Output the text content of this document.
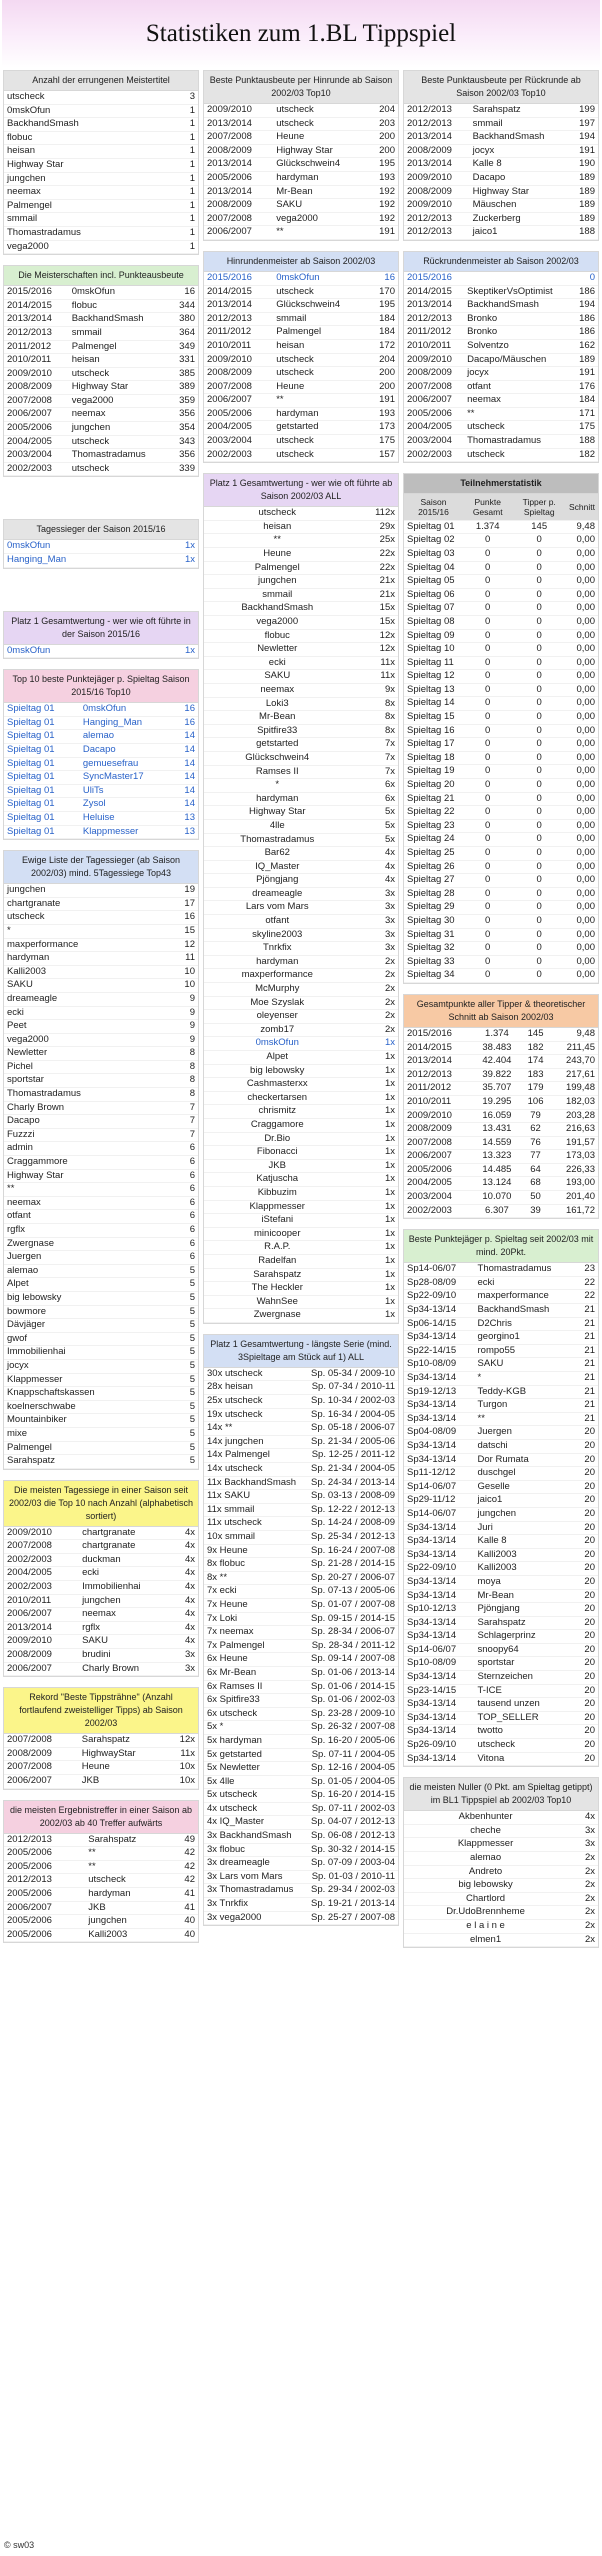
Statistiken zum 1.BL Tippspiel
Anzahl der errungenen Meistertitel
utscheck	3
0mskOfun	1
BackhandSmash	1
flobuc	1
heisan	1
Highway Star	1
jungchen	1
neemax	1
Palmengel	1
smmail	1
Thomastradamus	1
vega2000	1
Die Meisterschaften incl. Punkteausbeute
2015/2016	0mskOfun	16
2014/2015	flobuc	344
2013/2014	BackhandSmash	380
2012/2013	smmail	364
2011/2012	Palmengel	349
2010/2011	heisan	331
2009/2010	utscheck	385
2008/2009	Highway Star	389
2007/2008	vega2000	359
2006/2007	neemax	356
2005/2006	jungchen	354
2004/2005	utscheck	343
2003/2004	Thomastradamus	356
2002/2003	utscheck	339
Tagessieger der Saison 2015/16
0mskOfun	1x
Hanging_Man	1x
Platz 1 Gesamtwertung - wer wie oft führte in der Saison 2015/16
0mskOfun	1x
Top 10 beste Punktejäger p. Spieltag Saison 2015/16 Top10
Spieltag 01	0mskOfun	16
Spieltag 01	Hanging_Man	16
Spieltag 01	alemao	14
Spieltag 01	Dacapo	14
Spieltag 01	gemuesefrau	14
Spieltag 01	SyncMaster17	14
Spieltag 01	UliTs	14
Spieltag 01	Zysol	14
Spieltag 01	Heluise	13
Spieltag 01	Klappmesser	13
Ewige Liste der Tagessieger (ab Saison 2002/03) mind. 5Tagessiege Top43
jungchen	19
chartgranate	17
utscheck	16
*	15
maxperformance	12
hardyman	11
Kalli2003	10
SAKU	10
dreameagle	9
ecki	9
Peet	9
vega2000	9
Newletter	8
Pichel	8
sportstar	8
Thomastradamus	8
Charly Brown	7
Dacapo	7
Fuzzzi	7
admin	6
Craggammore	6
Highway Star	6
**	6
neemax	6
otfant	6
rgflx	6
Zwergnase	6
Juergen	6
alemao	5
Alpet	5
big lebowsky	5
bowmore	5
Dävjäger	5
gwof	5
Immobilienhai	5
jocyx	5
Klappmesser	5
Knappschaftskassen	5
koelnerschwabe	5
Mountainbiker	5
mixe	5
Palmengel	5
Sarahspatz	5
Die meisten Tagessiege in einer Saison seit 2002/03 die Top 10 nach Anzahl (alphabetisch sortiert)
2009/2010	chartgranate	4x
2007/2008	chartgranate	4x
2002/2003	duckman	4x
2004/2005	ecki	4x
2002/2003	Immobilienhai	4x
2010/2011	jungchen	4x
2006/2007	neemax	4x
2013/2014	rgflx	4x
2009/2010	SAKU	4x
2008/2009	brudini	3x
2006/2007	Charly Brown	3x
Rekord "Beste Tippsträhne" (Anzahl fortlaufend zweistelliger Tipps) ab Saison 2002/03
2007/2008	Sarahspatz	12x
2008/2009	HighwayStar	11x
2007/2008	Heune	10x
2006/2007	JKB	10x
die meisten Ergebnistreffer in einer Saison ab 2002/03 ab 40 Treffer aufwärts
2012/2013	Sarahspatz	49
2005/2006	**	42
2005/2006	**	42
2012/2013	utscheck	42
2005/2006	hardyman	41
2006/2007	JKB	41
2005/2006	jungchen	40
2005/2006	Kalli2003	40
Beste Punktausbeute per Hinrunde ab Saison 2002/03 Top10
2009/2010	utscheck	204
2013/2014	utscheck	203
2007/2008	Heune	200
2008/2009	Highway Star	200
2013/2014	Glückschwein4	195
2005/2006	hardyman	193
2013/2014	Mr-Bean	192
2008/2009	SAKU	192
2007/2008	vega2000	192
2006/2007	**	191
Hinrundenmeister ab Saison 2002/03
2015/2016	0mskOfun	16
2014/2015	utscheck	170
2013/2014	Glückschwein4	195
2012/2013	smmail	184
2011/2012	Palmengel	184
2010/2011	heisan	172
2009/2010	utscheck	204
2008/2009	utscheck	200
2007/2008	Heune	200
2006/2007	**	191
2005/2006	hardyman	193
2004/2005	getstarted	173
2003/2004	utscheck	175
2002/2003	utscheck	157
Platz 1 Gesamtwertung - wer wie oft führte ab Saison 2002/03 ALL
utscheck	112x
heisan	29x
**	25x
Heune	22x
Palmengel	22x
jungchen	21x
smmail	21x
BackhandSmash	15x
vega2000	15x
flobuc	12x
Newletter	12x
ecki	11x
SAKU	11x
neemax	9x
Loki3	8x
Mr-Bean	8x
Spitfire33	8x
getstarted	7x
Glückschwein4	7x
Ramses II	7x
*	6x
hardyman	6x
Highway Star	5x
4lle	5x
Thomastradamus	5x
Bar62	4x
IQ_Master	4x
Pjöngjang	4x
dreameagle	3x
Lars vom Mars	3x
otfant	3x
skyline2003	3x
Tnrkfix	3x
hardyman	2x
maxperformance	2x
McMurphy	2x
Moe Szyslak	2x
oleyenser	2x
zomb17	2x
0mskOfun	1x
Alpet	1x
big lebowsky	1x
Cashmasterxx	1x
checkertarsen	1x
chrismitz	1x
Craggamore	1x
Dr.Bio	1x
Fibonacci	1x
JKB	1x
Katjuscha	1x
Kibbuzim	1x
Klappmesser	1x
iStefani	1x
minicooper	1x
R.A.P.	1x
Radelfan	1x
Sarahspatz	1x
The Heckler	1x
WahnSee	1x
Zwergnase	1x
Platz 1 Gesamtwertung - längste Serie (mind. 3Spieltage am Stück auf 1) ALL
30x utscheck	Sp. 05-34 / 2009-10
28x heisan	Sp. 07-34 / 2010-11
25x utscheck	Sp. 10-34 / 2002-03
19x utscheck	Sp. 16-34 / 2004-05
14x **	Sp. 05-18 / 2006-07
14x jungchen	Sp. 21-34 / 2005-06
14x Palmengel	Sp. 12-25 / 2011-12
14x utscheck	Sp. 21-34 / 2004-05
11x BackhandSmash	Sp. 24-34 / 2013-14
11x SAKU	Sp. 03-13 / 2008-09
11x smmail	Sp. 12-22 / 2012-13
11x utscheck	Sp. 14-24 / 2008-09
10x smmail	Sp. 25-34 / 2012-13
9x Heune	Sp. 16-24 / 2007-08
8x flobuc	Sp. 21-28 / 2014-15
8x **	Sp. 20-27 / 2006-07
7x ecki	Sp. 07-13 / 2005-06
7x Heune	Sp. 01-07 / 2007-08
7x Loki	Sp. 09-15 / 2014-15
7x neemax	Sp. 28-34 / 2006-07
7x Palmengel	Sp. 28-34 / 2011-12
6x Heune	Sp. 09-14 / 2007-08
6x Mr-Bean	Sp. 01-06 / 2013-14
6x Ramses II	Sp. 01-06 / 2014-15
6x Spitfire33	Sp. 01-06 / 2002-03
6x utscheck	Sp. 23-28 / 2009-10
5x *	Sp. 26-32 / 2007-08
5x hardyman	Sp. 16-20 / 2005-06
5x getstarted	Sp. 07-11 / 2004-05
5x Newletter	Sp. 12-16 / 2004-05
5x 4lle	Sp. 01-05 / 2004-05
5x utscheck	Sp. 16-20 / 2014-15
4x utscheck	Sp. 07-11 / 2002-03
4x IQ_Master	Sp. 04-07 / 2012-13
3x BackhandSmash	Sp. 06-08 / 2012-13
3x flobuc	Sp. 30-32 / 2014-15
3x dreameagle	Sp. 07-09 / 2003-04
3x Lars vom Mars	Sp. 01-03 / 2010-11
3x Thomastradamus	Sp. 29-34 / 2002-03
3x Tnrkfix	Sp. 19-21 / 2013-14
3x vega2000	Sp. 25-27 / 2007-08
Beste Punktausbeute per Rückrunde ab Saison 2002/03 Top10
2012/2013	Sarahspatz	199
2012/2013	smmail	197
2013/2014	BackhandSmash	194
2008/2009	jocyx	191
2013/2014	Kalle 8	190
2009/2010	Dacapo	189
2008/2009	Highway Star	189
2009/2010	Mäuschen	189
2012/2013	Zuckerberg	189
2012/2013	jaico1	188
Rückrundenmeister ab Saison 2002/03
2015/2016		0
2014/2015	SkeptikerVsOptimist	186
2013/2014	BackhandSmash	194
2012/2013	Bronko	186
2011/2012	Bronko	186
2010/2011	Solventzo	162
2009/2010	Dacapo/Mäuschen	189
2008/2009	jocyx	191
2007/2008	otfant	176
2006/2007	neemax	184
2005/2006	**	171
2004/2005	utscheck	175
2003/2004	Thomastradamus	188
2002/2003	utscheck	182
Teilnehmerstatistik
Saison 2015/16	Punkte Gesamt	Tipper p. Spieltag	Schnitt
Spieltag 01	1.374	145	9,48
Spieltag 02	0	0	0,00
Spieltag 03	0	0	0,00
Spieltag 04	0	0	0,00
Spieltag 05	0	0	0,00
Spieltag 06	0	0	0,00
Spieltag 07	0	0	0,00
Spieltag 08	0	0	0,00
Spieltag 09	0	0	0,00
Spieltag 10	0	0	0,00
Spieltag 11	0	0	0,00
Spieltag 12	0	0	0,00
Spieltag 13	0	0	0,00
Spieltag 14	0	0	0,00
Spieltag 15	0	0	0,00
Spieltag 16	0	0	0,00
Spieltag 17	0	0	0,00
Spieltag 18	0	0	0,00
Spieltag 19	0	0	0,00
Spieltag 20	0	0	0,00
Spieltag 21	0	0	0,00
Spieltag 22	0	0	0,00
Spieltag 23	0	0	0,00
Spieltag 24	0	0	0,00
Spieltag 25	0	0	0,00
Spieltag 26	0	0	0,00
Spieltag 27	0	0	0,00
Spieltag 28	0	0	0,00
Spieltag 29	0	0	0,00
Spieltag 30	0	0	0,00
Spieltag 31	0	0	0,00
Spieltag 32	0	0	0,00
Spieltag 33	0	0	0,00
Spieltag 34	0	0	0,00
Gesamtpunkte aller Tipper & theoretischer Schnitt ab Saison 2002/03
2015/2016	1.374	145	9,48
2014/2015	38.483	182	211,45
2013/2014	42.404	174	243,70
2012/2013	39.822	183	217,61
2011/2012	35.707	179	199,48
2010/2011	19.295	106	182,03
2009/2010	16.059	79	203,28
2008/2009	13.431	62	216,63
2007/2008	14.559	76	191,57
2006/2007	13.323	77	173,03
2005/2006	14.485	64	226,33
2004/2005	13.124	68	193,00
2003/2004	10.070	50	201,40
2002/2003	6.307	39	161,72
Beste Punktejäger p. Spieltag seit 2002/03 mit mind. 20Pkt.
Sp14-06/07	Thomastradamus	23
Sp28-08/09	ecki	22
Sp22-09/10	maxperformance	22
Sp34-13/14	BackhandSmash	21
Sp06-14/15	D2Chris	21
Sp34-13/14	georgino1	21
Sp22-14/15	rompo55	21
Sp10-08/09	SAKU	21
Sp34-13/14	*	21
Sp19-12/13	Teddy-KGB	21
Sp34-13/14	Turgon	21
Sp34-13/14	**	21
Sp04-08/09	Juergen	20
Sp34-13/14	datschi	20
Sp34-13/14	Dor Rumata	20
Sp11-12/12	duschgel	20
Sp14-06/07	Geselle	20
Sp29-11/12	jaico1	20
Sp14-06/07	jungchen	20
Sp34-13/14	Juri	20
Sp34-13/14	Kalle 8	20
Sp34-13/14	Kalli2003	20
Sp22-09/10	Kalli2003	20
Sp34-13/14	moya	20
Sp34-13/14	Mr-Bean	20
Sp10-12/13	Pjöngjang	20
Sp34-13/14	Sarahspatz	20
Sp34-13/14	Schlagerprinz	20
Sp14-06/07	snoopy64	20
Sp10-08/09	sportstar	20
Sp34-13/14	Sternzeichen	20
Sp23-14/15	T-ICE	20
Sp34-13/14	tausend unzen	20
Sp34-13/14	TOP_SELLER	20
Sp34-13/14	twotto	20
Sp26-09/10	utscheck	20
Sp34-13/14	Vitona	20
die meisten Nuller (0 Pkt. am Spieltag getippt) im BL1 Tippspiel ab 2002/03 Top10
Akbenhunter	4x
cheche	3x
Klappmesser	3x
alemao	2x
Andreto	2x
big lebowsky	2x
Chartlord	2x
Dr.UdoBrennheme	2x
e l a i n e	2x
elmen1	2x
© sw03
